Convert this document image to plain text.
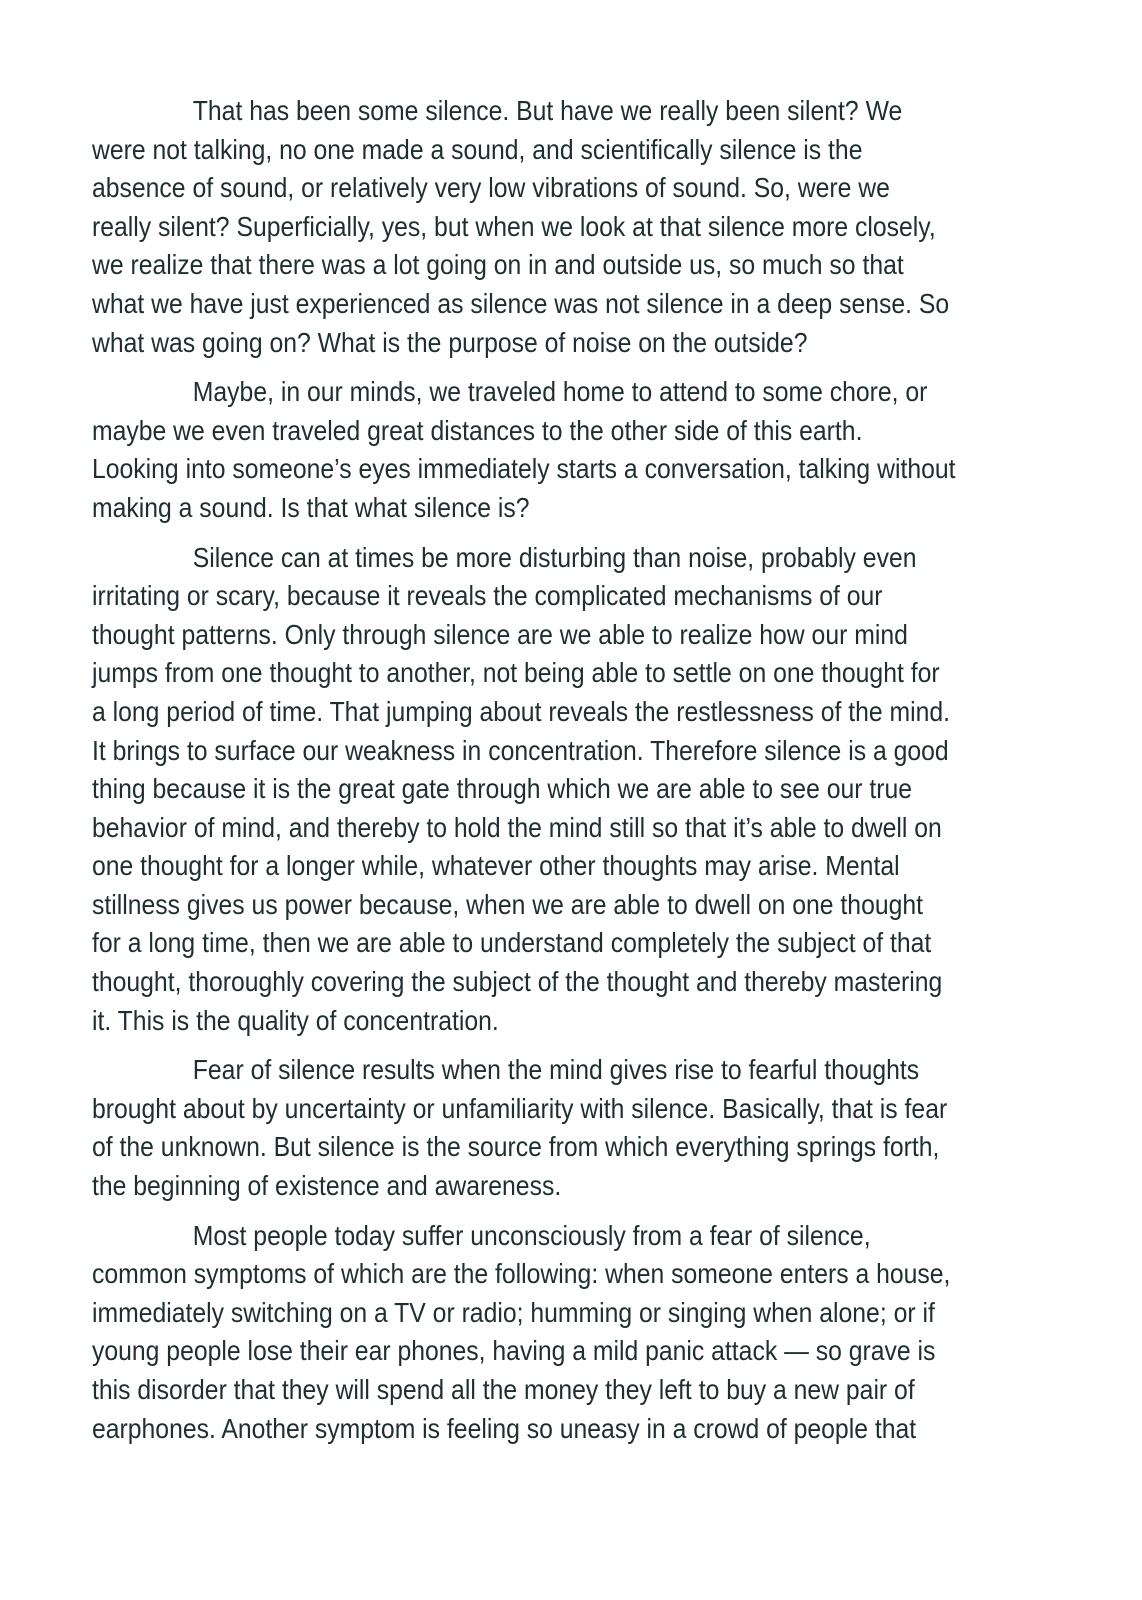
That has been some silence. But have we really been silent? We
were not talking, no one made a sound, and scientifically silence is the
absence of sound, or relatively very low vibrations of sound. So, were we
really silent? Superficially, yes, but when we look at that silence more closely,
we realize that there was a lot going on in and outside us, so much so that
what we have just experienced as silence was not silence in a deep sense. So
what was going on? What is the purpose of noise on the outside?

Maybe, in our minds, we traveled home to attend to some chore, or
maybe we even traveled great distances to the other side of this earth.
Looking into someone’s eyes immediately starts a conversation, talking without
making a sound. Is that what silence is?

Silence can at times be more disturbing than noise, probably even
irritating or scary, because it reveals the complicated mechanisms of our
thought patterns. Only through silence are we able to realize how our mind
jumps from one thought to another, not being able to settle on one thought for
a long period of time. That jumping about reveals the restlessness of the mind.
It brings to surface our weakness in concentration. Therefore silence is a good
thing because it is the great gate through which we are able to see our true
behavior of mind, and thereby to hold the mind still so that it’s able to dwell on
one thought for a longer while, whatever other thoughts may arise. Mental
stillness gives us power because, when we are able to dwell on one thought
for a long time, then we are able to understand completely the subject of that
thought, thoroughly covering the subject of the thought and thereby mastering
it. This is the quality of concentration.

Fear of silence results when the mind gives rise to fearful thoughts
brought about by uncertainty or unfamiliarity with silence. Basically, that is fear
of the unknown. But silence is the source from which everything springs forth,
the beginning of existence and awareness.

Most people today suffer unconsciously from a fear of silence,
common symptoms of which are the following: when someone enters a house,
immediately switching on a TV or radio; humming or singing when alone; or if
young people lose their ear phones, having a mild panic attack — so grave is
this disorder that they will spend all the money they left to buy a new pair of
earphones. Another symptom is feeling so uneasy in a crowd of people that
